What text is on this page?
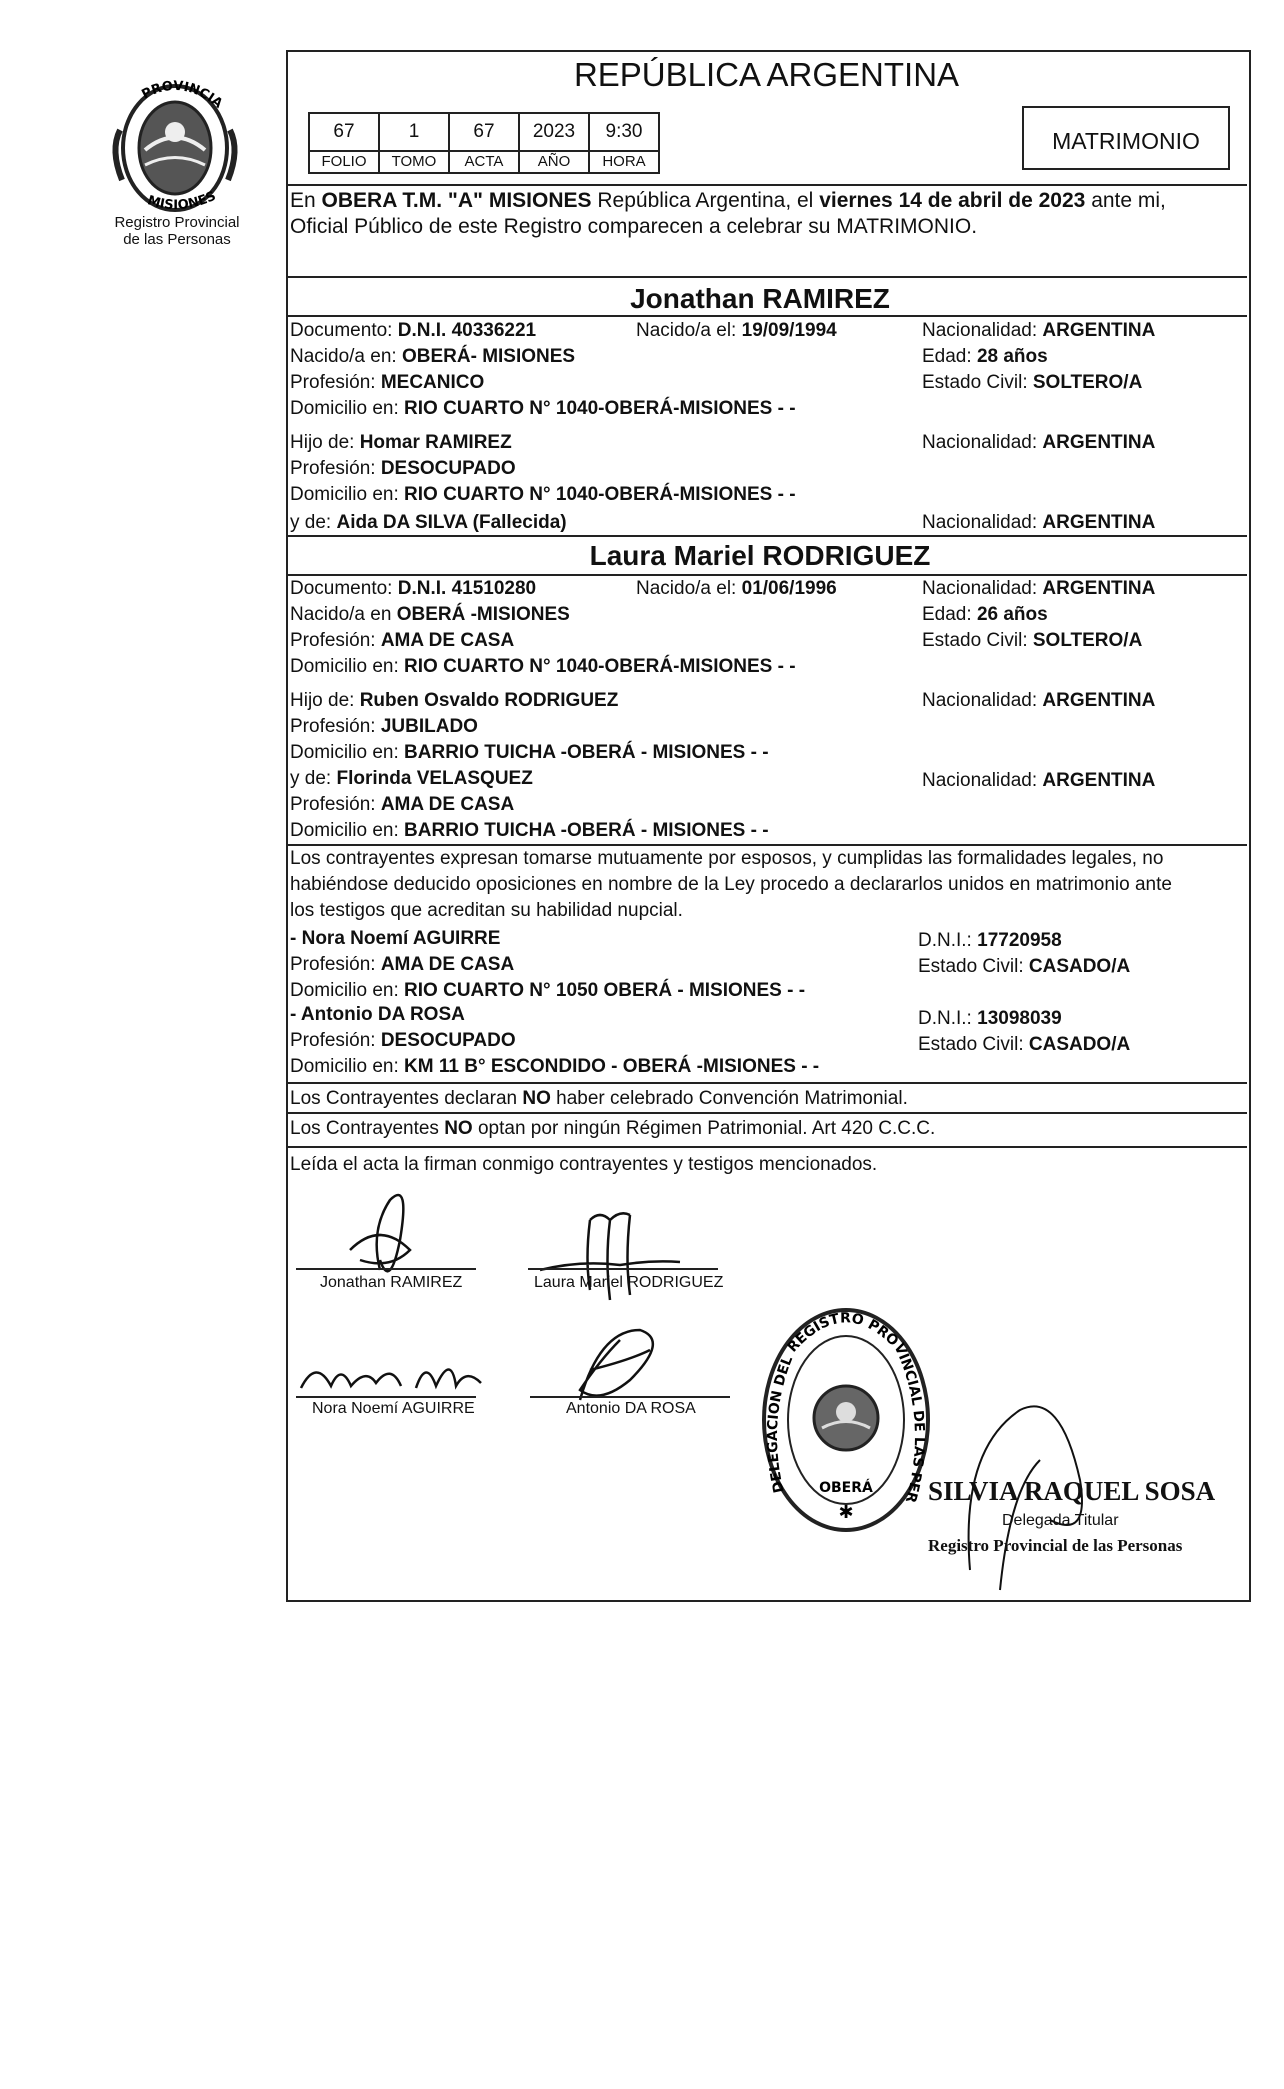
PROVINCIA
MISIONES
Registro Provincial
de las Personas
REPÚBLICA ARGENTINA
67	1	67	2023	9:30
FOLIO	TOMO	ACTA	AÑO	HORA
MATRIMONIO
En OBERA T.M. "A" MISIONES República Argentina, el viernes 14 de abril de 2023 ante mi,
Oficial Público de este Registro comparecen a celebrar su MATRIMONIO.
Jonathan RAMIREZ
Documento: D.N.I. 40336221	Nacido/a el: 19/09/1994	Nacionalidad: ARGENTINA
Nacido/a en: OBERÁ- MISIONES	Edad: 28 años
Profesión: MECANICO	Estado Civil: SOLTERO/A
Domicilio en: RIO CUARTO N° 1040-OBERÁ-MISIONES - -
Hijo de: Homar RAMIREZ	Nacionalidad: ARGENTINA
Profesión: DESOCUPADO
Domicilio en: RIO CUARTO N° 1040-OBERÁ-MISIONES - -
y de: Aida DA SILVA (Fallecida)	Nacionalidad: ARGENTINA
Laura Mariel RODRIGUEZ
Documento: D.N.I. 41510280	Nacido/a el: 01/06/1996	Nacionalidad: ARGENTINA
Nacido/a en OBERÁ -MISIONES	Edad: 26 años
Profesión: AMA DE CASA	Estado Civil: SOLTERO/A
Domicilio en: RIO CUARTO N° 1040-OBERÁ-MISIONES - -
Hijo de: Ruben Osvaldo RODRIGUEZ	Nacionalidad: ARGENTINA
Profesión: JUBILADO
Domicilio en: BARRIO TUICHA -OBERÁ - MISIONES - -
y de: Florinda VELASQUEZ	Nacionalidad: ARGENTINA
Profesión: AMA DE CASA
Domicilio en: BARRIO TUICHA -OBERÁ - MISIONES - -
Los contrayentes expresan tomarse mutuamente por esposos, y cumplidas las formalidades legales, no
habiéndose deducido oposiciones en nombre de la Ley procedo a declararlos unidos en matrimonio ante
los testigos que acreditan su habilidad nupcial.
- Nora Noemí AGUIRRE	D.N.I.: 17720958
Profesión: AMA DE CASA	Estado Civil: CASADO/A
Domicilio en: RIO CUARTO N° 1050 OBERÁ - MISIONES - -
- Antonio DA ROSA	D.N.I.: 13098039
Profesión: DESOCUPADO	Estado Civil: CASADO/A
Domicilio en: KM 11 B° ESCONDIDO - OBERÁ -MISIONES - -
Los Contrayentes declaran NO haber celebrado Convención Matrimonial.
Los Contrayentes NO optan por ningún Régimen Patrimonial. Art 420 C.C.C.
Leída el acta la firman conmigo contrayentes y testigos mencionados.
Jonathan RAMIREZ	Laura Mariel RODRIGUEZ
Nora Noemí AGUIRRE	Antonio DA ROSA
DELEGACION DEL REGISTRO PROVINCIAL DE LAS PER
OBERÁ
✱
SILVIA RAQUEL SOSA
Delegada Titular
Registro Provincial de las Personas
